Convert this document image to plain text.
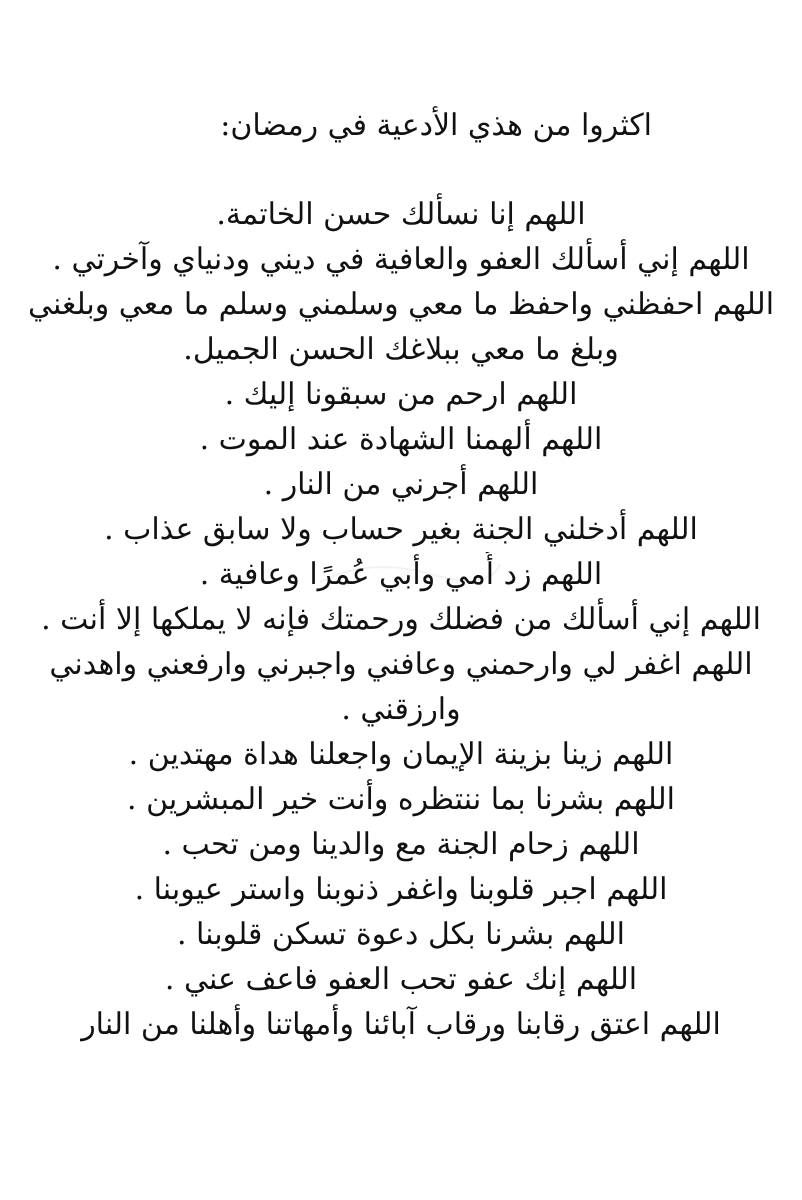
اكثروا من هذي الأدعية في رمضان:
اللهم إنا نسألك حسن الخاتمة.
اللهم إني أسألك العفو والعافية في ديني ودنياي وآخرتي .
اللهم احفظني واحفظ ما معي وسلمني وسلم ما معي وبلغني
وبلغ ما معي ببلاغك الحسن الجميل.
اللهم ارحم من سبقونا إليك .
اللهم ألهمنا الشهادة عند الموت .
اللهم أجرني من النار .
اللهم أدخلني الجنة بغير حساب ولا سابق عذاب .
اللهم زد أُمي وأبي عُمرًا وعافية .
اللهم إني أسألك من فضلك ورحمتك فإنه لا يملكها إلا أنت .
اللهم اغفر لي وارحمني وعافني واجبرني وارفعني واهدني
وارزقني .
اللهم زينا بزينة الإيمان واجعلنا هداة مهتدين .
اللهم بشرنا بما ننتظره وأنت خير المبشرين .
اللهم زحام الجنة مع والدينا ومن تحب .
اللهم اجبر قلوبنا واغفر ذنوبنا واستر عيوبنا .
اللهم بشرنا بكل دعوة تسكن قلوبنا .
اللهم إنك عفو تحب العفو فاعف عني .
اللهم اعتق رقابنا ورقاب آبائنا وأمهاتنا وأهلنا من النار
